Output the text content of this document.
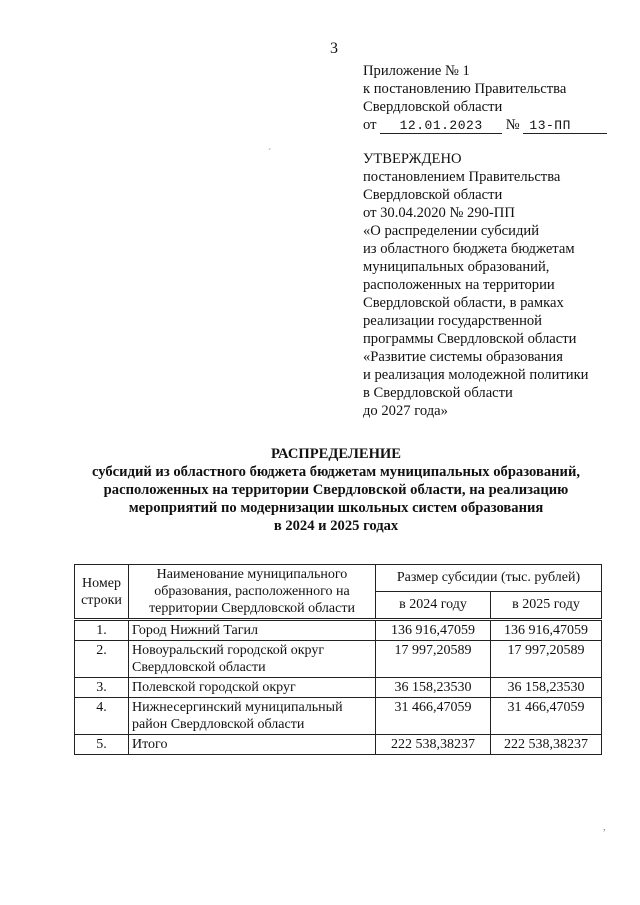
3
Приложение № 1
к постановлению Правительства
Свердловской области
от 12.01.2023 № 13-ПП
´	УТВЕРЖДЕНО
постановлением Правительства
Свердловской области
от 30.04.2020 № 290-ПП
«О распределении субсидий
из областного бюджета бюджетам
муниципальных образований,
расположенных на территории
Свердловской области, в рамках
реализации государственной
программы Свердловской области
«Развитие системы образования
и реализация молодежной политики
в Свердловской области
до 2027 года»
РАСПРЕДЕЛЕНИЕ
субсидий из областного бюджета бюджетам муниципальных образований,
расположенных на территории Свердловской области, на реализацию
мероприятий по модернизации школьных систем образования
в 2024 и 2025 годах
Номер строки	Наименование муниципального образования, расположенного на территории Свердловской области	Размер субсидии (тыс. рублей)	
		в 2024 году	в 2025 году
1.	Город Нижний Тагил	136 916,47059	136 916,47059
2.	Новоуральский городской округ Свердловской области	17 997,20589	17 997,20589
3.	Полевской городской округ	36 158,23530	36 158,23530
4.	Нижнесергинский муниципальный район Свердловской области	31 466,47059	31 466,47059
5.	Итого	222 538,38237	222 538,38237
,
